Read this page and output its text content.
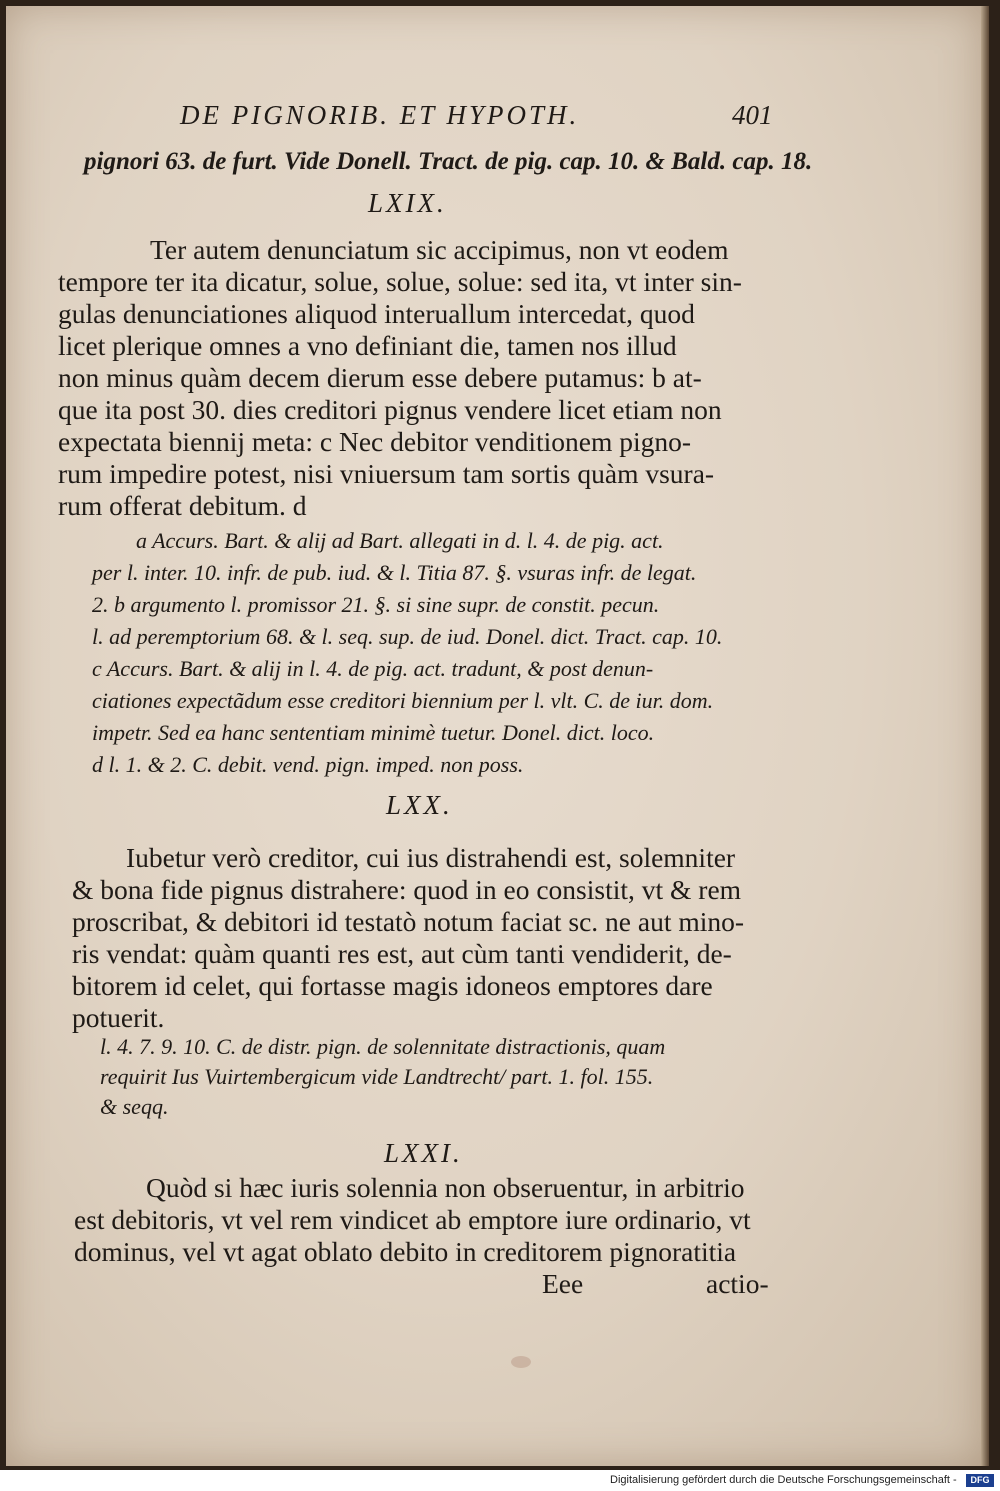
DE PIGNORIB. ET HYPOTH.	401
pignori 63. de furt. Vide Donell. Tract. de pig. cap. 10. & Bald. cap. 18.
LXIX.
Ter autem denunciatum sic accipimus, non vt eodem
tempore ter ita dicatur, solue, solue, solue: sed ita, vt inter sin-
gulas denunciationes aliquod interuallum intercedat, quod
licet plerique omnes a vno definiant die, tamen nos illud
non minus quàm decem dierum esse debere putamus: b at-
que ita post 30. dies creditori pignus vendere licet etiam non
expectata biennij meta: c Nec debitor venditionem pigno-
rum impedire potest, nisi vniuersum tam sortis quàm vsura-
rum offerat debitum. d
a Accurs. Bart. & alij ad Bart. allegati in d. l. 4. de pig. act.
per l. inter. 10. infr. de pub. iud. & l. Titia 87. §. vsuras infr. de legat.
2. b argumento l. promissor 21. §. si sine supr. de constit. pecun.
l. ad peremptorium 68. & l. seq. sup. de iud. Donel. dict. Tract. cap. 10.
c Accurs. Bart. & alij in l. 4. de pig. act. tradunt, & post denun-
ciationes expectãdum esse creditori biennium per l. vlt. C. de iur. dom.
impetr. Sed ea hanc sententiam minimè tuetur. Donel. dict. loco.
d l. 1. & 2. C. debit. vend. pign. imped. non poss.
LXX.
Iubetur verò creditor, cui ius distrahendi est, solemniter
& bona fide pignus distrahere: quod in eo consistit, vt & rem
proscribat, & debitori id testatò notum faciat sc. ne aut mino-
ris vendat: quàm quanti res est, aut cùm tanti vendiderit, de-
bitorem id celet, qui fortasse magis idoneos emptores dare
potuerit.
l. 4. 7. 9. 10. C. de distr. pign. de solennitate distractionis, quam
requirit Ius Vuirtembergicum vide Landtrecht/ part. 1. fol. 155.
& seqq.
LXXI.
Quòd si hæc iuris solennia non obseruentur, in arbitrio
est debitoris, vt vel rem vindicet ab emptore iure ordinario, vt
dominus, vel vt agat oblato debito in creditorem pignoratitia
Eee	actio-
Digitalisierung gefördert durch die Deutsche Forschungsgemeinschaft -	DFG
